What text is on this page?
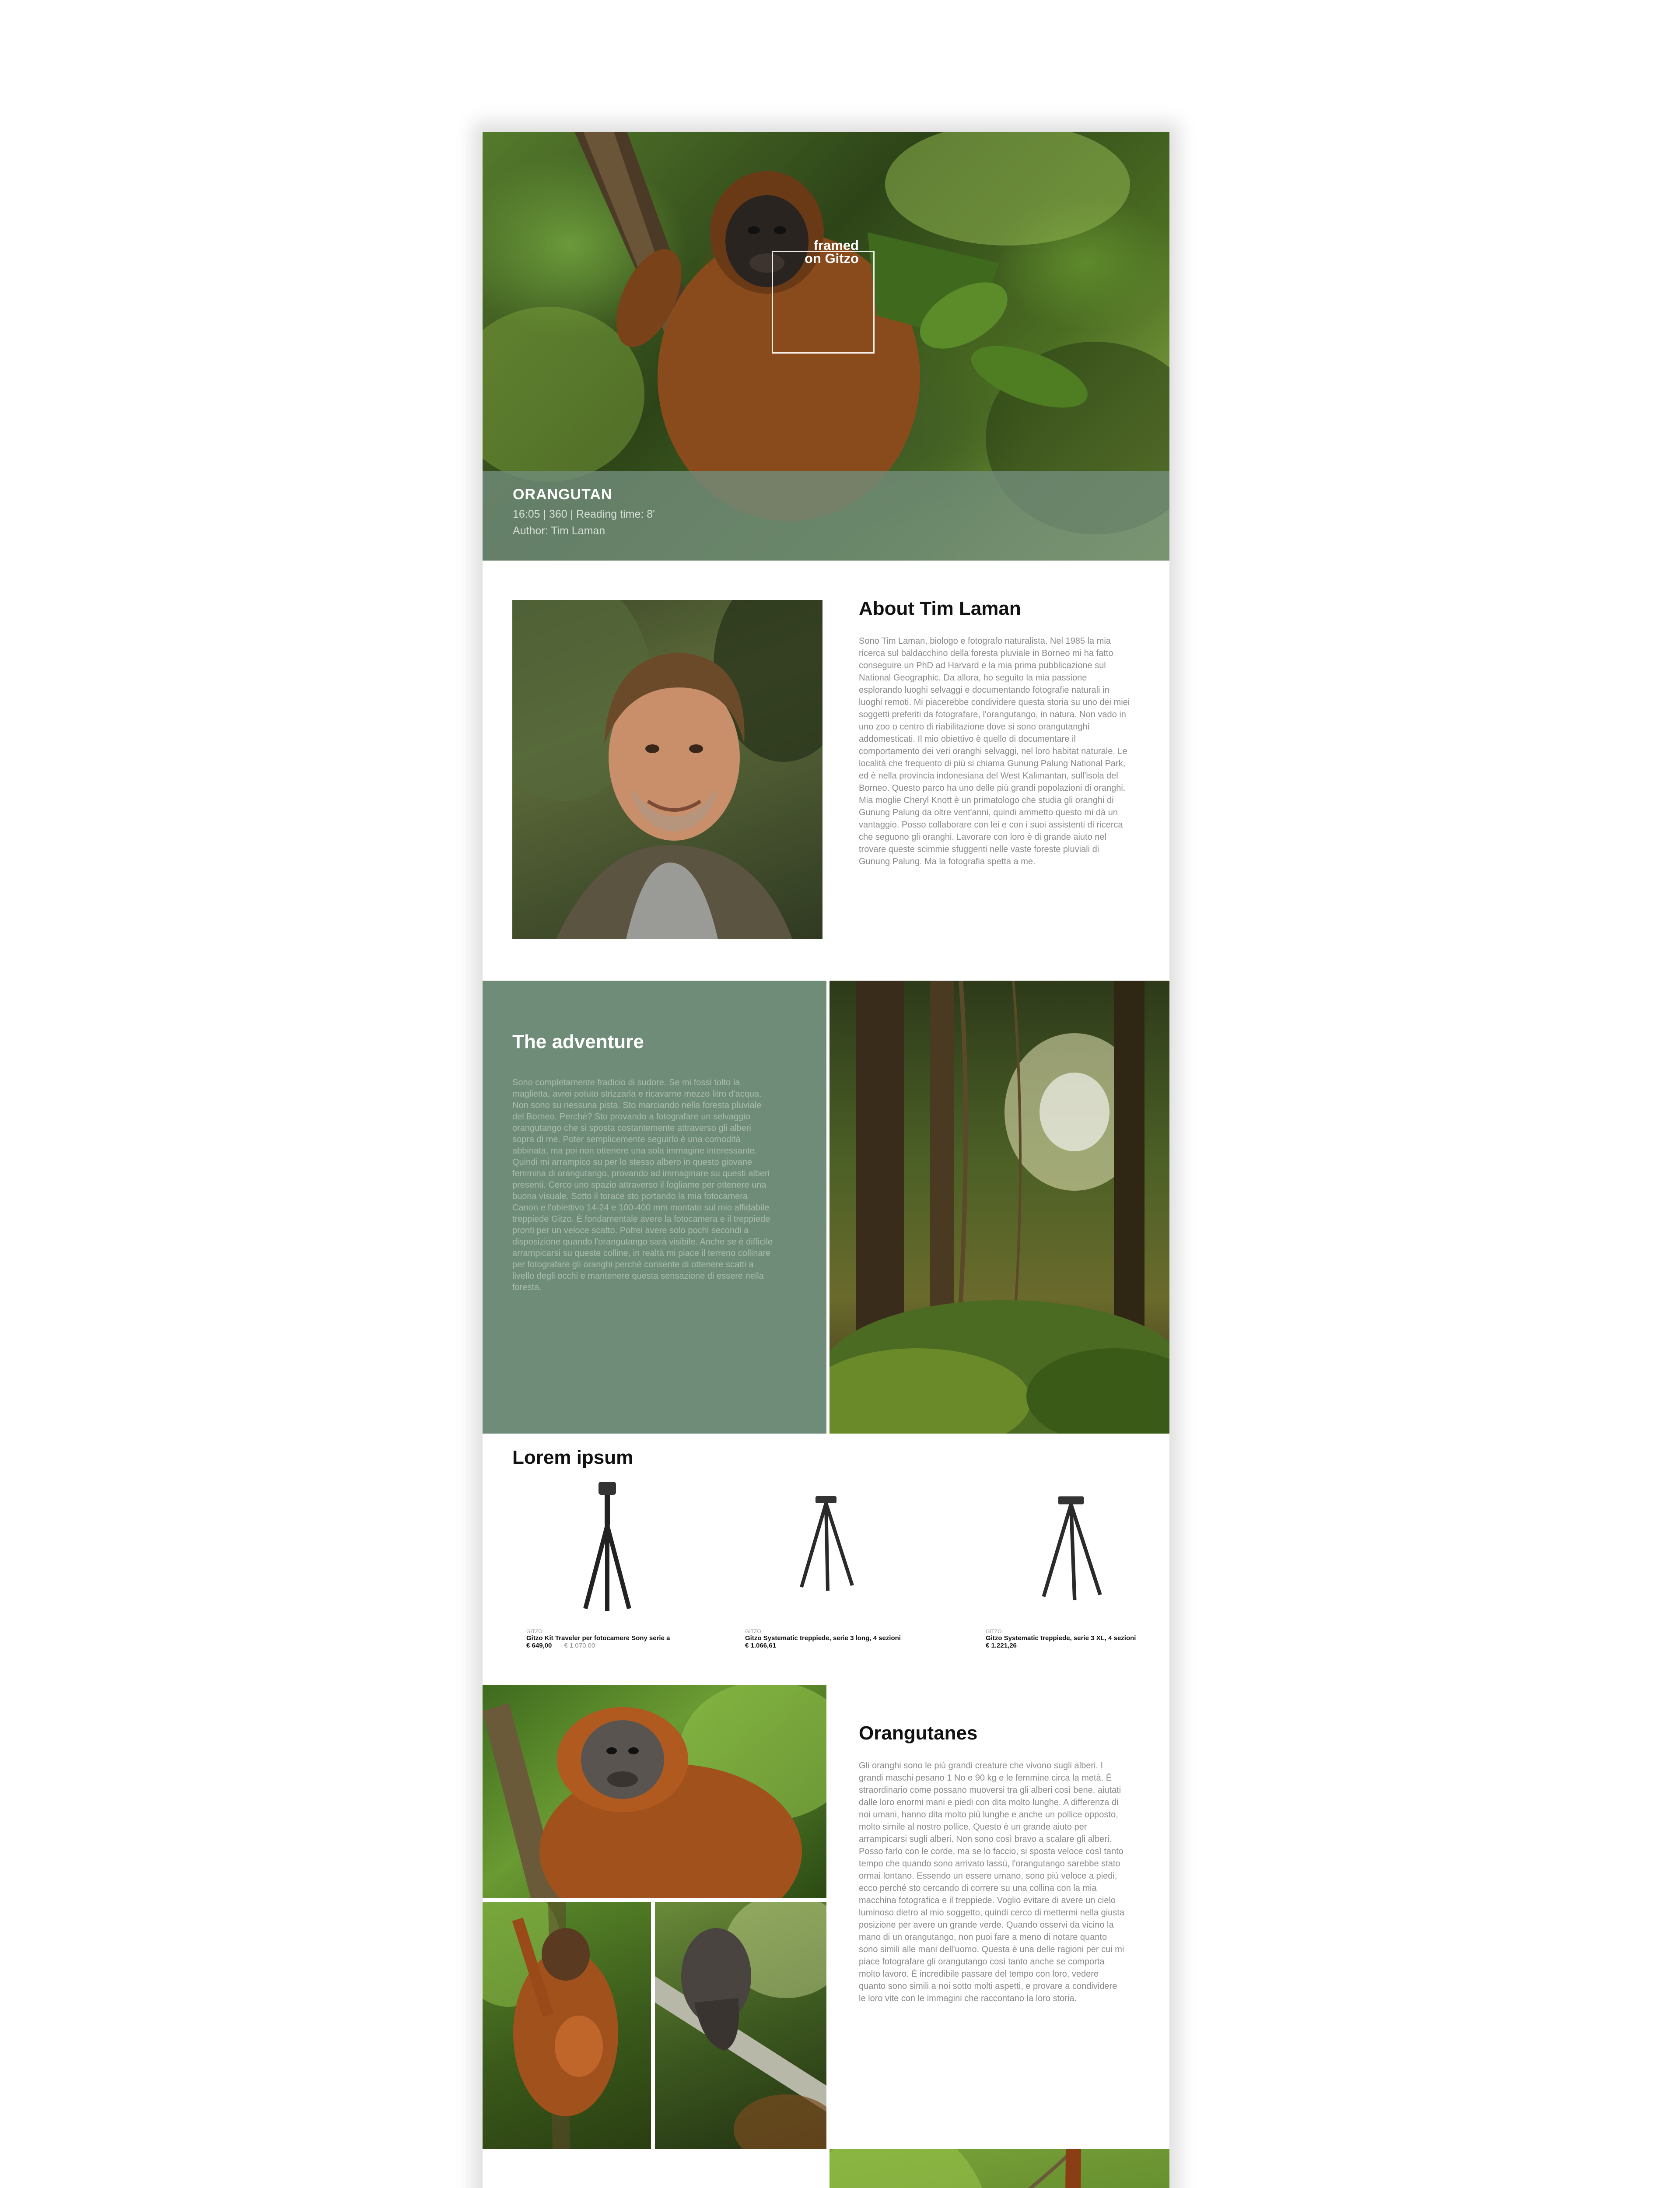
framed
on Gitzo
ORANGUTAN
16:05 | 360 | Reading time: 8'
Author: Tim Laman
About Tim Laman
Sono Tim Laman, biologo e fotografo naturalista. Nel 1985 la mia ricerca sul baldacchino della foresta pluviale in Borneo mi ha fatto conseguire un PhD ad Harvard e la mia prima pubblicazione sul National Geographic. Da allora, ho seguito la mia passione esplorando luoghi selvaggi e documentando fotografie naturali in luoghi remoti. Mi piacerebbe condividere questa storia su uno dei miei soggetti preferiti da fotografare, l'orangutango, in natura. Non vado in uno zoo o centro di riabilitazione dove si sono orangutanghi addomesticati. Il mio obiettivo è quello di documentare il comportamento dei veri oranghi selvaggi, nel loro habitat naturale. Le località che frequento di più si chiama Gunung Palung National Park, ed è nella provincia indonesiana del West Kalimantan, sull'isola del Borneo. Questo parco ha uno delle più grandi popolazioni di oranghi. Mia moglie Cheryl Knott è un primatologo che studia gli oranghi di Gunung Palung da oltre vent'anni, quindi ammetto questo mi dà un vantaggio. Posso collaborare con lei e con i suoi assistenti di ricerca che seguono gli oranghi. Lavorare con loro è di grande aiuto nel trovare queste scimmie sfuggenti nelle vaste foreste pluviali di Gunung Palung. Ma la fotografia spetta a me.
The adventure
Sono completamente fradicio di sudore. Se mi fossi tolto la maglietta, avrei potuto strizzarla e ricavarne mezzo litro d'acqua. Non sono su nessuna pista. Sto marciando nella foresta pluviale del Borneo. Perché? Sto provando a fotografare un selvaggio orangutango che si sposta costantemente attraverso gli alberi sopra di me. Poter semplicemente seguirlo è una comodità abbinata, ma poi non ottenere una sola immagine interessante. Quindi mi arrampico su per lo stesso albero in questo giovane femmina di orangutango, provando ad immaginare su questi alberi presenti. Cerco uno spazio attraverso il fogliame per ottenere una buona visuale. Sotto il torace sto portando la mia fotocamera Canon e l'obiettivo 14-24 e 100-400 mm montato sul mio affidabile treppiede Gitzo. È fondamentale avere la fotocamera e il treppiede pronti per un veloce scatto. Potrei avere solo pochi secondi a disposizione quando l'orangutango sarà visibile. Anche se è difficile arrampicarsi su queste colline, in realtà mi piace il terreno collinare per fotografare gli oranghi perché consente di ottenere scatti a livello degli occhi e mantenere questa sensazione di essere nella foresta.
Lorem ipsum
GITZO
Gitzo Kit Traveler per fotocamere Sony serie a
€ 649,00 € 1.070,00
GITZO
Gitzo Systematic treppiede, serie 3 long, 4 sezioni
€ 1.066,61
GITZO
Gitzo Systematic treppiede, serie 3 XL, 4 sezioni
€ 1.221,26
Orangutanes
Gli oranghi sono le più grandi creature che vivono sugli alberi. I grandi maschi pesano 1 No e 90 kg e le femmine circa la metà. È straordinario come possano muoversi tra gli alberi così bene, aiutati dalle loro enormi mani e piedi con dita molto lunghe. A differenza di noi umani, hanno dita molto più lunghe e anche un pollice opposto, molto simile al nostro pollice. Questo è un grande aiuto per arrampicarsi sugli alberi. Non sono così bravo a scalare gli alberi. Posso farlo con le corde, ma se lo faccio, si sposta veloce così tanto tempo che quando sono arrivato lassù, l'orangutango sarebbe stato ormai lontano. Essendo un essere umano, sono più veloce a piedi, ecco perché sto cercando di correre su una collina con la mia macchina fotografica e il treppiede. Voglio evitare di avere un cielo luminoso dietro al mio soggetto, quindi cerco di mettermi nella giusta posizione per avere un grande verde. Quando osservi da vicino la mano di un orangutango, non puoi fare a meno di notare quanto sono simili alle mani dell'uomo. Questa è una delle ragioni per cui mi piace fotografare gli orangutango così tanto anche se comporta molto lavoro. È incredibile passare del tempo con loro, vedere quanto sono simili a noi sotto molti aspetti, e provare a condividere le loro vite con le immagini che raccontano la loro storia.
